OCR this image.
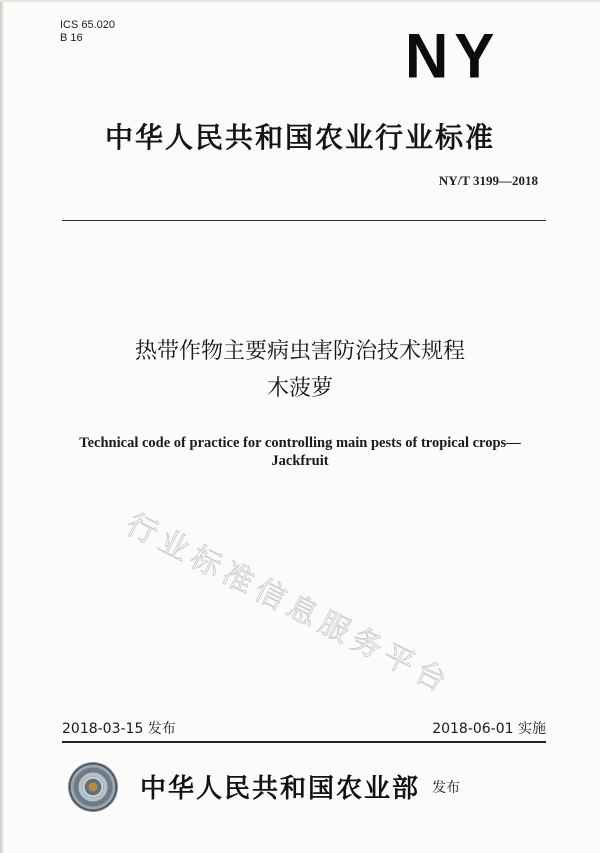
ICS 65.020
B 16	NY
中华人民共和国农业行业标准
NY/T 3199—2018
热带作物主要病虫害防治技术规程
木菠萝
Technical code of practice for controlling main pests of tropical crops—
Jackfruit
行业标准信息服务平台
2018-03-15 发布	2018-06-01 实施
中华人民共和国农业部 发布
